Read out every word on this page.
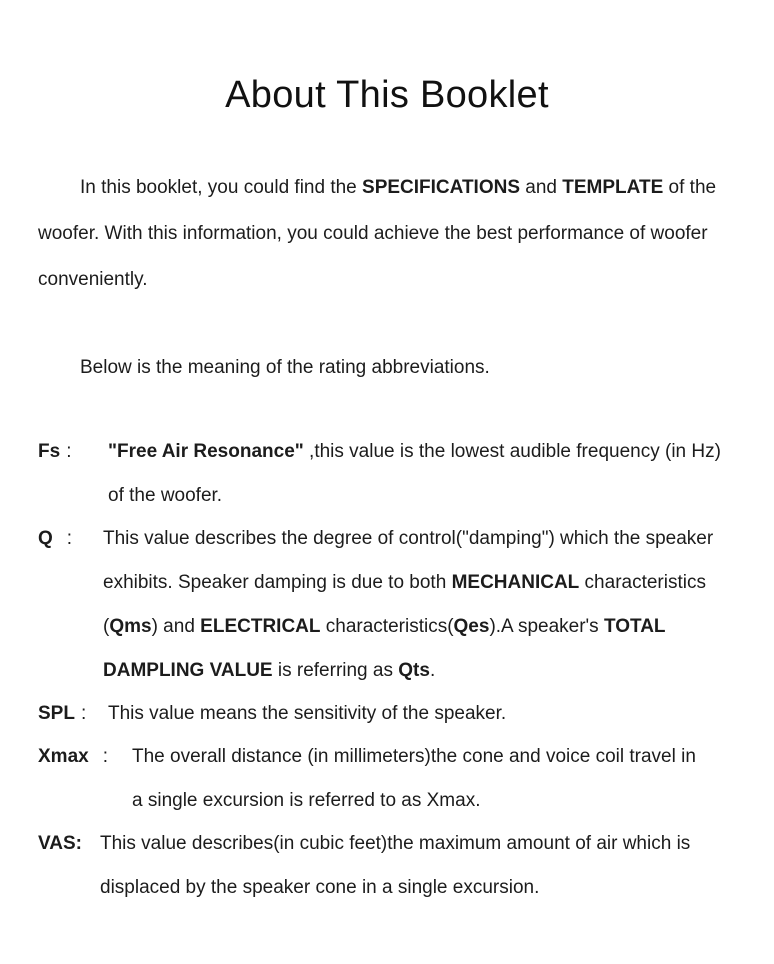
About This Booklet

In this booklet, you could find the SPECIFICATIONS and TEMPLATE of the woofer. With this information, you could achieve the best performance of woofer conveniently.

Below is the meaning of the rating abbreviations.

Fs :	"Free Air Resonance" ,this value is the lowest audible frequency (in Hz) of the woofer.

Q :	This value describes the degree of control("damping") which the speaker exhibits. Speaker damping is due to both MECHANICAL characteristics (Qms) and ELECTRICAL characteristics(Qes).A speaker's TOTAL DAMPLING VALUE is referring as Qts.

SPL :	This value means the sensitivity of the speaker.

Xmax :	The overall distance (in millimeters)the cone and voice coil travel in a single excursion is referred to as Xmax.

VAS: This value describes(in cubic feet)the maximum amount of air which is displaced by the speaker cone in a single excursion.
